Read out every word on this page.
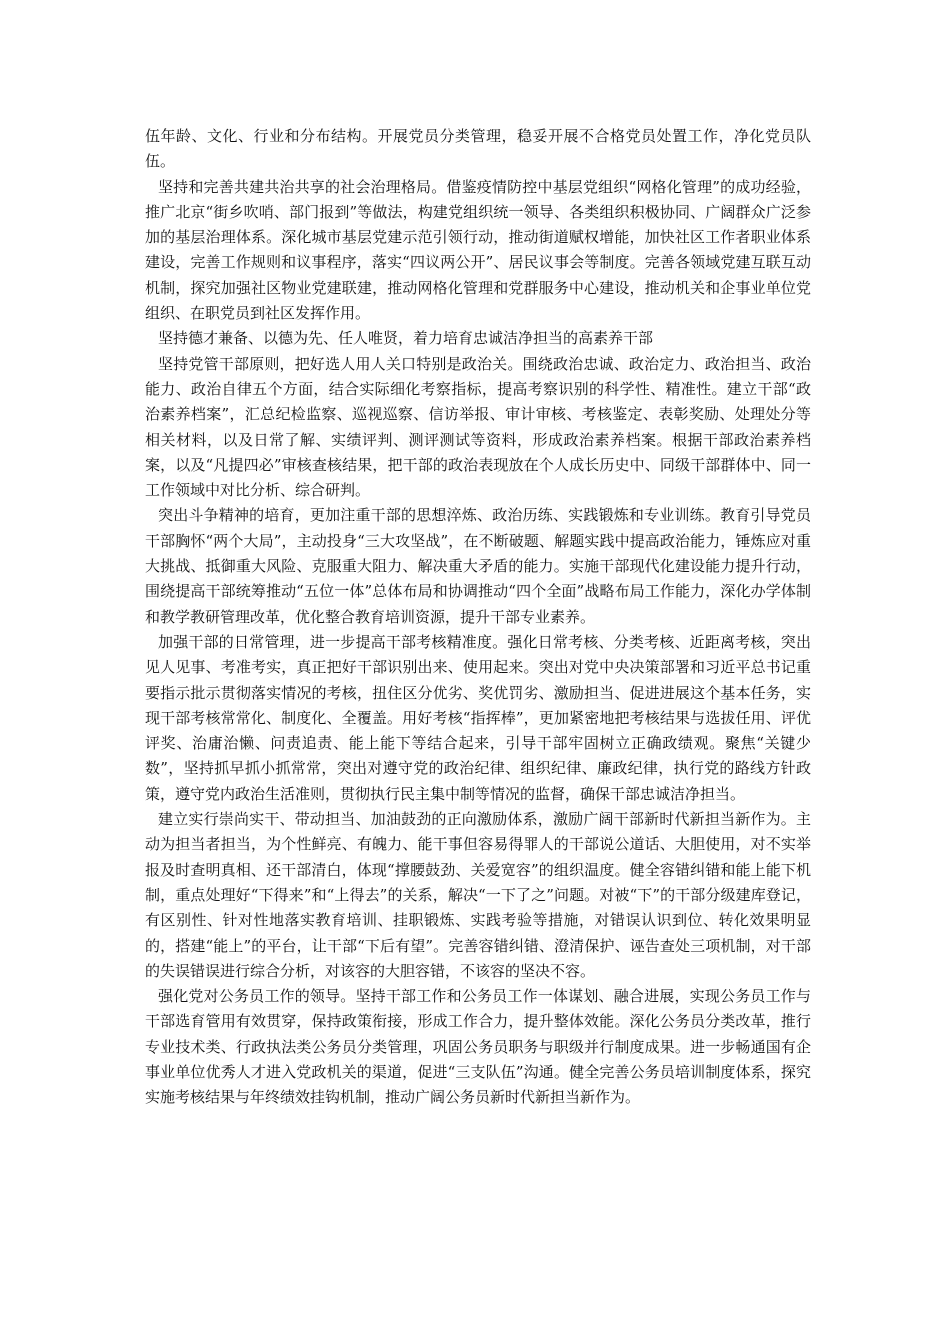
伍年龄、文化、行业和分布结构。开展党员分类管理，稳妥开展不合格党员处置工作，净化党员队伍。

坚持和完善共建共治共享的社会治理格局。借鉴疫情防控中基层党组织“网格化管理”的成功经验，推广北京“街乡吹哨、部门报到”等做法，构建党组织统一领导、各类组织积极协同、广阔群众广泛参加的基层治理体系。深化城市基层党建示范引领行动，推动街道赋权增能，加快社区工作者职业体系建设，完善工作规则和议事程序，落实“四议两公开”、居民议事会等制度。完善各领域党建互联互动机制，探究加强社区物业党建联建，推动网格化管理和党群服务中心建设，推动机关和企事业单位党组织、在职党员到社区发挥作用。

坚持德才兼备、以德为先、任人唯贤，着力培育忠诚洁净担当的高素养干部

坚持党管干部原则，把好选人用人关口特别是政治关。围绕政治忠诚、政治定力、政治担当、政治能力、政治自律五个方面，结合实际细化考察指标，提高考察识别的科学性、精准性。建立干部“政治素养档案”，汇总纪检监察、巡视巡察、信访举报、审计审核、考核鉴定、表彰奖励、处理处分等相关材料，以及日常了解、实绩评判、测评测试等资料，形成政治素养档案。根据干部政治素养档案，以及“凡提四必”审核查核结果，把干部的政治表现放在个人成长历史中、同级干部群体中、同一工作领域中对比分析、综合研判。

突出斗争精神的培育，更加注重干部的思想淬炼、政治历练、实践锻炼和专业训练。教育引导党员干部胸怀“两个大局”，主动投身“三大攻坚战”，在不断破题、解题实践中提高政治能力，锤炼应对重大挑战、抵御重大风险、克服重大阻力、解决重大矛盾的能力。实施干部现代化建设能力提升行动，围绕提高干部统筹推动“五位一体”总体布局和协调推动“四个全面”战略布局工作能力，深化办学体制和教学教研管理改革，优化整合教育培训资源，提升干部专业素养。

加强干部的日常管理，进一步提高干部考核精准度。强化日常考核、分类考核、近距离考核，突出见人见事、考准考实，真正把好干部识别出来、使用起来。突出对党中央决策部署和习近平总书记重要指示批示贯彻落实情况的考核，扭住区分优劣、奖优罚劣、激励担当、促进进展这个基本任务，实现干部考核常常化、制度化、全覆盖。用好考核“指挥棒”，更加紧密地把考核结果与选拔任用、评优评奖、治庸治懒、问责追责、能上能下等结合起来，引导干部牢固树立正确政绩观。聚焦“关键少数”，坚持抓早抓小抓常常，突出对遵守党的政治纪律、组织纪律、廉政纪律，执行党的路线方针政策，遵守党内政治生活准则，贯彻执行民主集中制等情况的监督，确保干部忠诚洁净担当。

建立实行崇尚实干、带动担当、加油鼓劲的正向激励体系，激励广阔干部新时代新担当新作为。主动为担当者担当，为个性鲜亮、有魄力、能干事但容易得罪人的干部说公道话、大胆使用，对不实举报及时查明真相、还干部清白，体现“撑腰鼓劲、关爱宽容”的组织温度。健全容错纠错和能上能下机制，重点处理好“下得来”和“上得去”的关系，解决“一下了之”问题。对被“下”的干部分级建库登记，有区别性、针对性地落实教育培训、挂职锻炼、实践考验等措施，对错误认识到位、转化效果明显的，搭建“能上”的平台，让干部“下后有望”。完善容错纠错、澄清保护、诬告查处三项机制，对干部的失误错误进行综合分析，对该容的大胆容错，不该容的坚决不容。

强化党对公务员工作的领导。坚持干部工作和公务员工作一体谋划、融合进展，实现公务员工作与干部选育管用有效贯穿，保持政策衔接，形成工作合力，提升整体效能。深化公务员分类改革，推行专业技术类、行政执法类公务员分类管理，巩固公务员职务与职级并行制度成果。进一步畅通国有企事业单位优秀人才进入党政机关的渠道，促进“三支队伍”沟通。健全完善公务员培训制度体系，探究实施考核结果与年终绩效挂钩机制，推动广阔公务员新时代新担当新作为。
